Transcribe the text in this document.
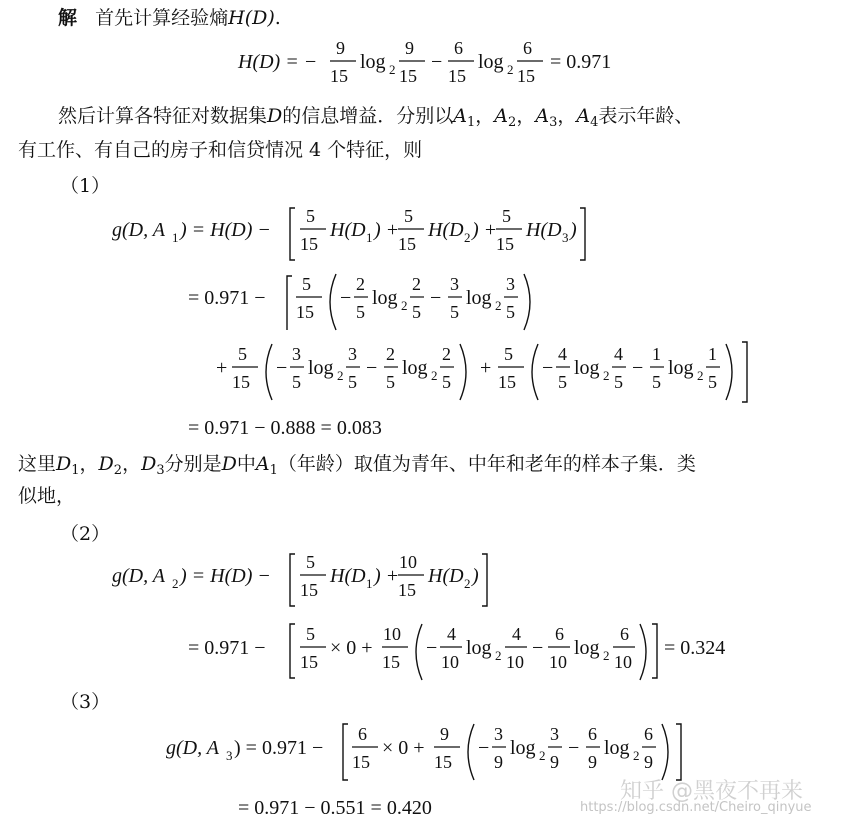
解 首先计算经验熵H(D).
H(D) = −
9
15
log 2
9
15
−
6
15
log 2
6
15
= 0.971
然后计算各特征对数据集D的信息增益．分别以$A_1$，$A_2$，$A_3$，$A_4$表示年龄、
有工作、有自己的房子和信贷情况 4 个特征，则
（1）
g(D, A 1 ) = H(D) −
5
15
H(D 1 ) +
5
15
H(D 2 ) +
5
15
H(D 3 )
= 0.971 −
5
15
−
2
5
log 2
2
5
−
3
5
log 2
3
5
+
5
15
−
3
5
log 2
3
5
−
2
5
log 2
2
5
+
5
15
−
4
5
log 2
4
5
−
1
5
log 2
1
5
= 0.971 − 0.888 = 0.083
这里$D_1$，$D_2$，$D_3$分别是D中$A_1$（年龄）取值为青年、中年和老年的样本子集．类
似地，
（2）
g(D, A 2 ) = H(D) −
5
15
H(D 1 ) +
10
15
H(D 2 )
= 0.971 −
5
15
× 0 +
10
15
−
4
10
log 2
4
10
−
6
10
log 2
6
10
= 0.324
（3）
g(D, A 3 ) = 0.971 −
6
15
× 0 +
9
15
−
3
9
log 2
3
9
−
6
9
log 2
6
9
= 0.971 − 0.551 = 0.420
知乎 @黑夜不再来
https://blog.csdn.net/Cheiro_qinyue
